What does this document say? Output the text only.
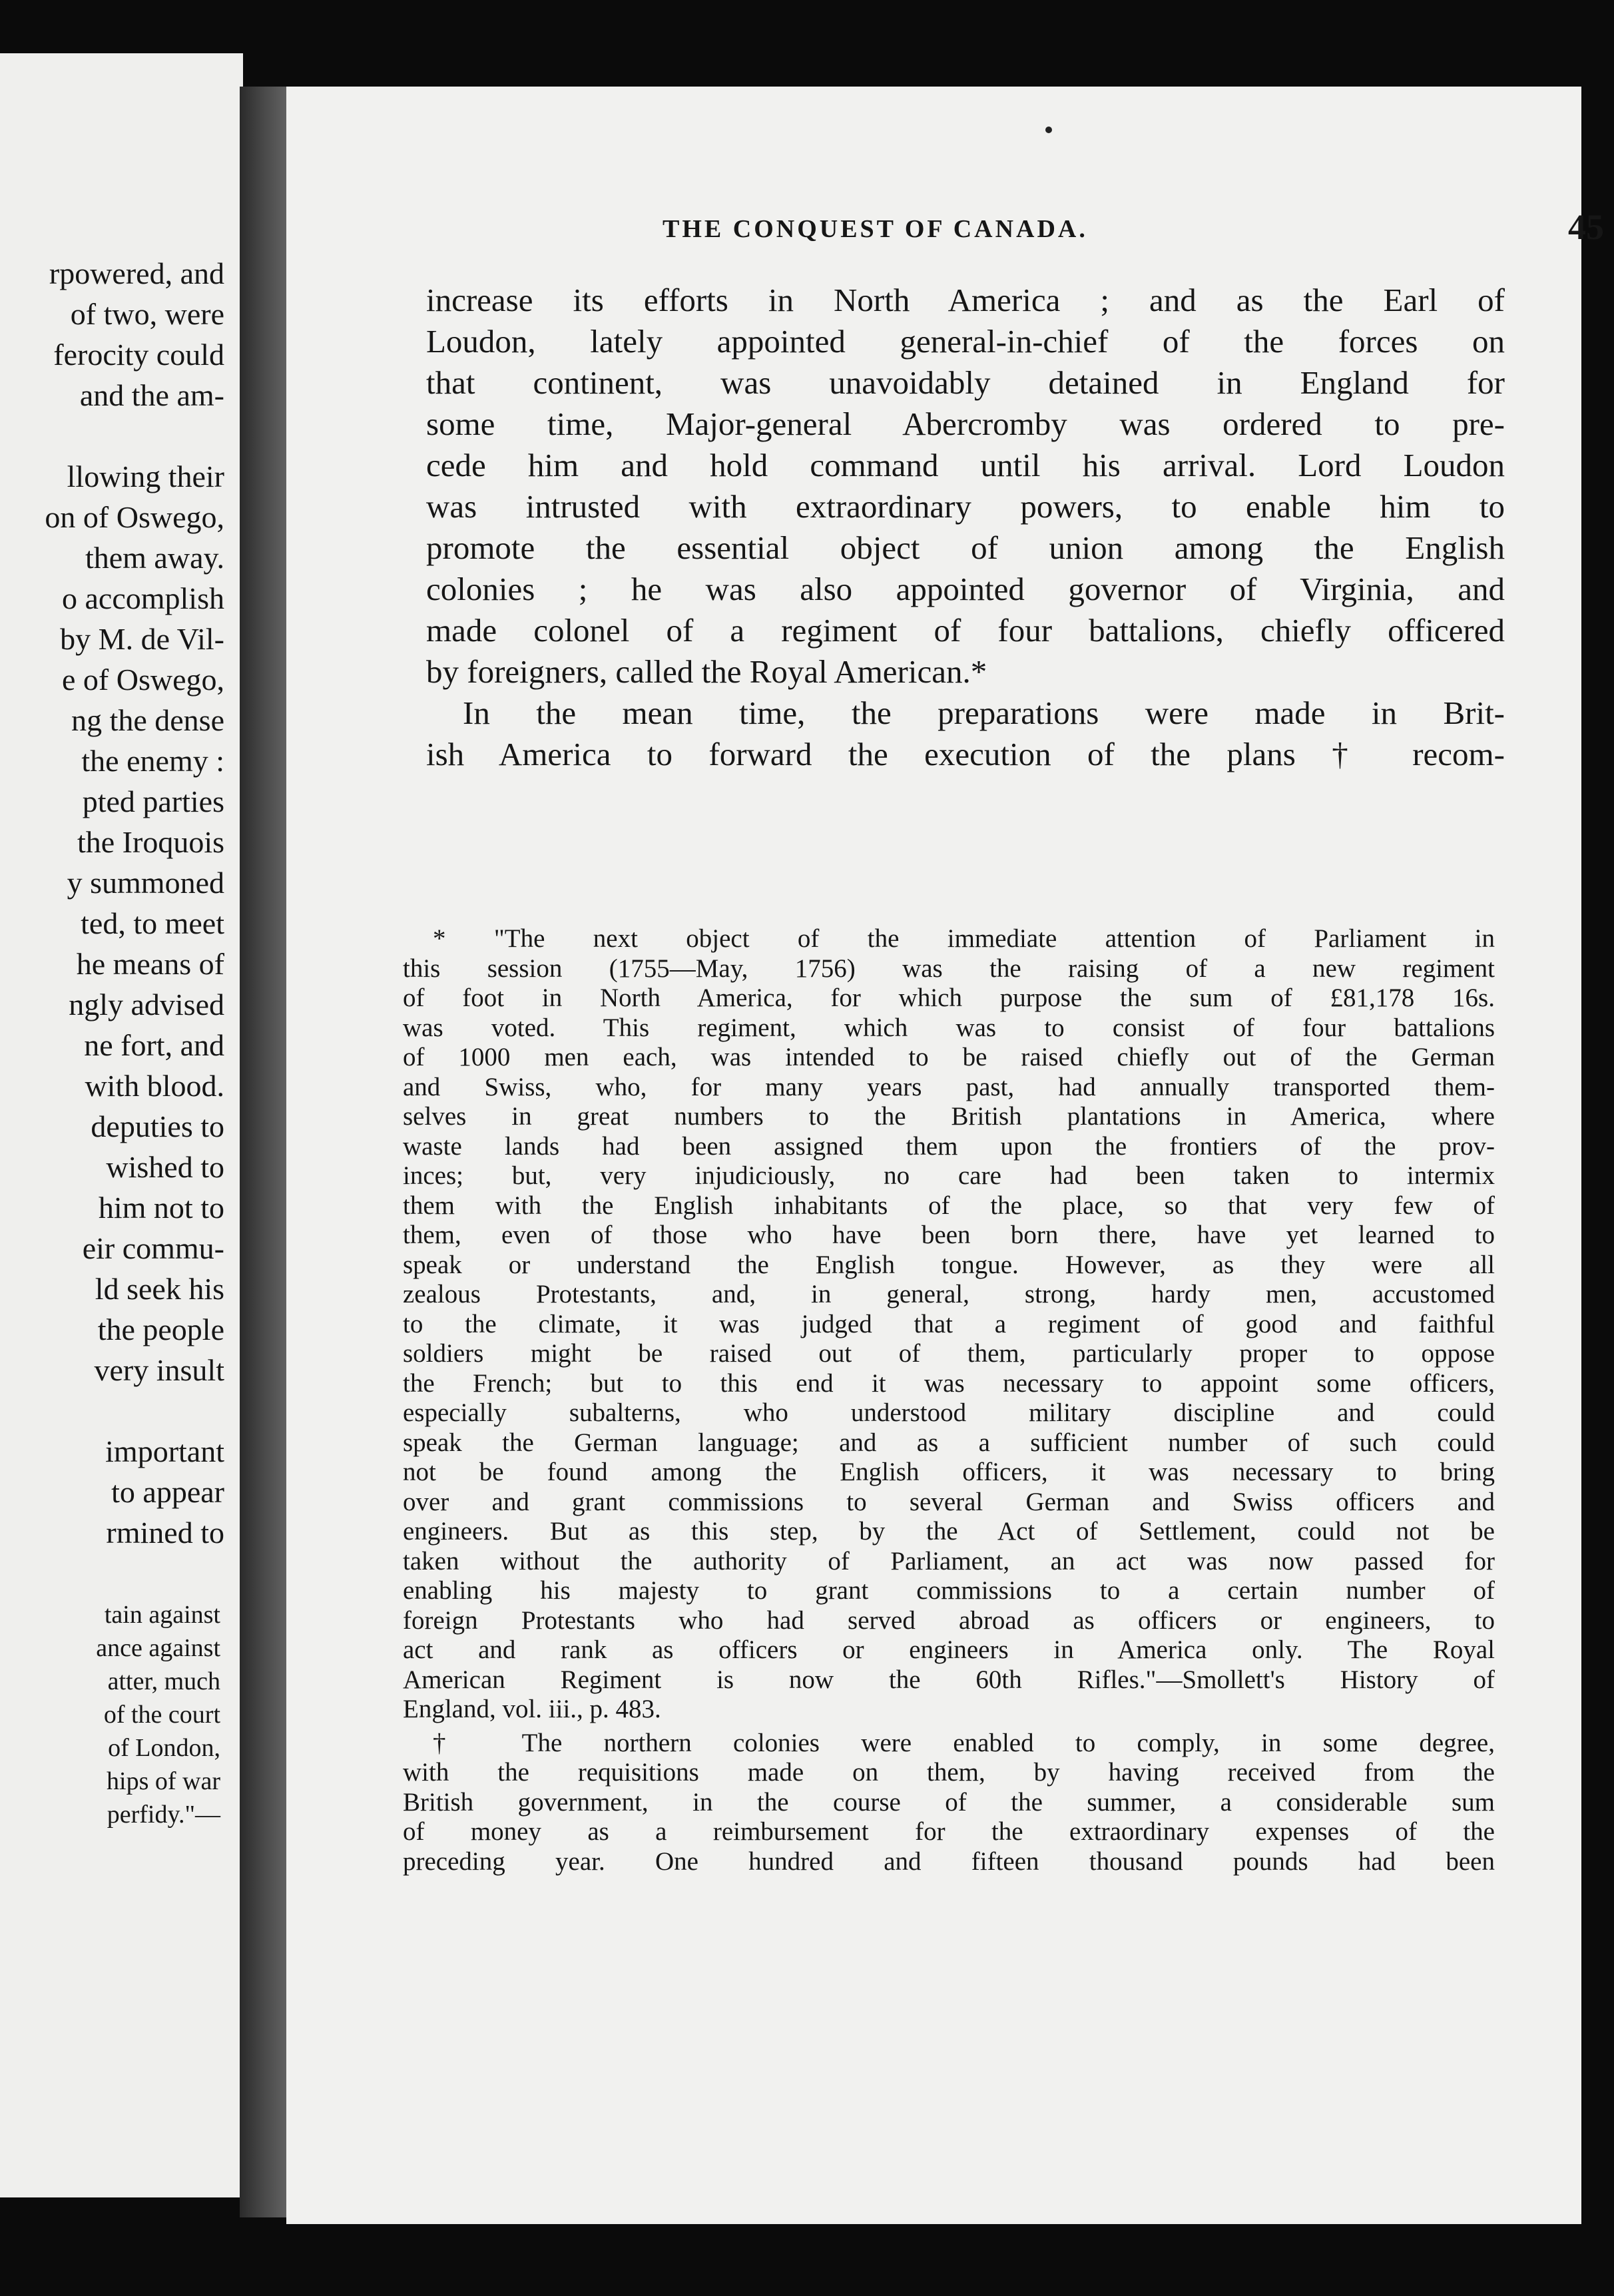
rpowered, and
of two, were
ferocity could
and the am-
llowing their
on of Oswego,
them away.
o accomplish
by M. de Vil-
e of Oswego,
ng the dense
the enemy :
pted parties
the Iroquois
y summoned
ted, to meet
he means of
ngly advised
ne fort, and
with blood.
deputies to
wished to
him not to
eir commu-
ld seek his
the people
very insult
important
to appear
rmined to
tain against
ance against
atter, much
of the court
of London,
hips of war
perfidy."—
THE CONQUEST OF CANADA.	45
increase its efforts in North America ; and as the Earl of
Loudon, lately appointed general-in-chief of the forces on
that continent, was unavoidably detained in England for
some time, Major-general Abercromby was ordered to pre-
cede him and hold command until his arrival. Lord Loudon
was intrusted with extraordinary powers, to enable him to
promote the essential object of union among the English
colonies ; he was also appointed governor of Virginia, and
made colonel of a regiment of four battalions, chiefly officered
by foreigners, called the Royal American.*
In the mean time, the preparations were made in Brit-
ish America to forward the execution of the plans † recom-
* "The next object of the immediate attention of Parliament in
this session (1755—May, 1756) was the raising of a new regiment
of foot in North America, for which purpose the sum of £81,178 16s.
was voted. This regiment, which was to consist of four battalions
of 1000 men each, was intended to be raised chiefly out of the German
and Swiss, who, for many years past, had annually transported them-
selves in great numbers to the British plantations in America, where
waste lands had been assigned them upon the frontiers of the prov-
inces; but, very injudiciously, no care had been taken to intermix
them with the English inhabitants of the place, so that very few of
them, even of those who have been born there, have yet learned to
speak or understand the English tongue. However, as they were all
zealous Protestants, and, in general, strong, hardy men, accustomed
to the climate, it was judged that a regiment of good and faithful
soldiers might be raised out of them, particularly proper to oppose
the French; but to this end it was necessary to appoint some officers,
especially subalterns, who understood military discipline and could
speak the German language; and as a sufficient number of such could
not be found among the English officers, it was necessary to bring
over and grant commissions to several German and Swiss officers and
engineers. But as this step, by the Act of Settlement, could not be
taken without the authority of Parliament, an act was now passed for
enabling his majesty to grant commissions to a certain number of
foreign Protestants who had served abroad as officers or engineers, to
act and rank as officers or engineers in America only. The Royal
American Regiment is now the 60th Rifles."—Smollett's History of
England, vol. iii., p. 483.
† The northern colonies were enabled to comply, in some degree,
with the requisitions made on them, by having received from the
British government, in the course of the summer, a considerable sum
of money as a reimbursement for the extraordinary expenses of the
preceding year. One hundred and fifteen thousand pounds had been
